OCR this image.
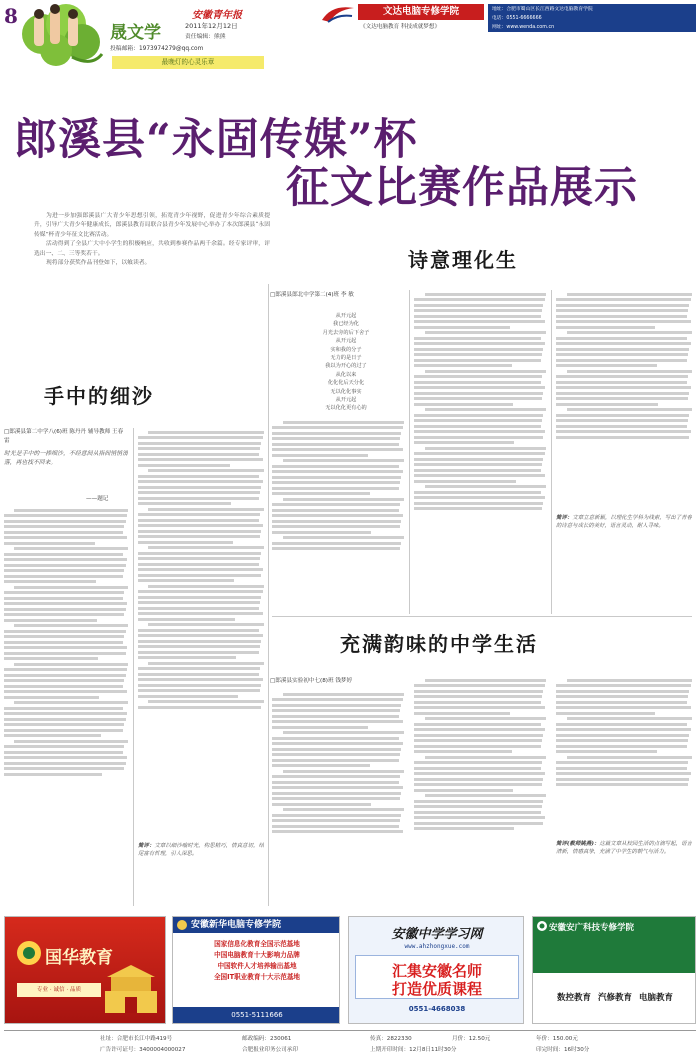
8
晟文学
安徽青年报
2011年12月12日
责任编辑：熊熊
投稿邮箱：1973974279@qq.com
最晚灯的心灵乐章
文达电脑专修学院
《文达电脑教育 科技成就梦想》
地址：合肥市蜀山区长江西路文达电脑教育学院
电话：0551-6666666
网址：www.wenda.com.cn
郎溪县“永固传媒”杯
征文比赛作品展示

为进一步加强郎溪县广大青少年思想引领，拓宽青少年视野，促进青少年综合素质提升，引导广大青少年健康成长，郎溪县教育局联合县青少年发展中心举办了本次郎溪县“永固传媒”杯青少年征文比赛活动。

活动得到了全县广大中小学生的积极响应，共收到参赛作品两千余篇。经专家评审，评选出一、二、三等奖若干。

现将部分获奖作品刊登如下，以飨读者。	诗意理化生
□郎溪县郎北中学第二(4)班 李 敏
从开元起
我已经为化
月光去旁的后下舍子
从开元起
实和我的分子
无力的是日子
我以为开心的过了
从化以来
化化化后天分化
无以化化事实
从开元起
无以化化更有心的
简评：文章立意新颖，以理化生学科为线索，写出了青春的诗意与成长的美好，语言灵动，耐人寻味。
手中的细沙
□郎溪县第二中学八(6)班 陈丹丹 辅导教师 王春雷
时光是手中的一捧细沙，不经意间从指间悄悄滑落，再也找不回来。
——题记
简评：文章以细沙喻时光，构思精巧，情真意切，结尾富有哲理，引人深思。
充满韵味的中学生活
□郎溪县实验初中七(8)班 钱梦婷
简评(教师姚燕)：这篇文章从校园生活的点滴写起，语言清新，情感真挚，充满了中学生的朝气与活力。
国华教育
专业 · 诚信 · 品质
安徽新华电脑专修学院
国家信息化教育全国示范基地
中国电脑教育十大影响力品牌
中国软件人才培养输出基地
全国IT职业教育十大示范基地
0551-5111666
安徽中学学习网
www.ahzhongxue.com
汇集安徽名师
打造优质课程
0551-4668038
安徽安广科技专修学院
数控教育 汽修教育 电脑教育
社址：合肥市长江中路419号	邮政编码：230061	传真：2822330	月价：12.50元	年价：150.00元
广告许可证号：3400004000027	合肥报业印务公司承印	上期开印时间：12月8日11时30分	印完时间：16时30分
